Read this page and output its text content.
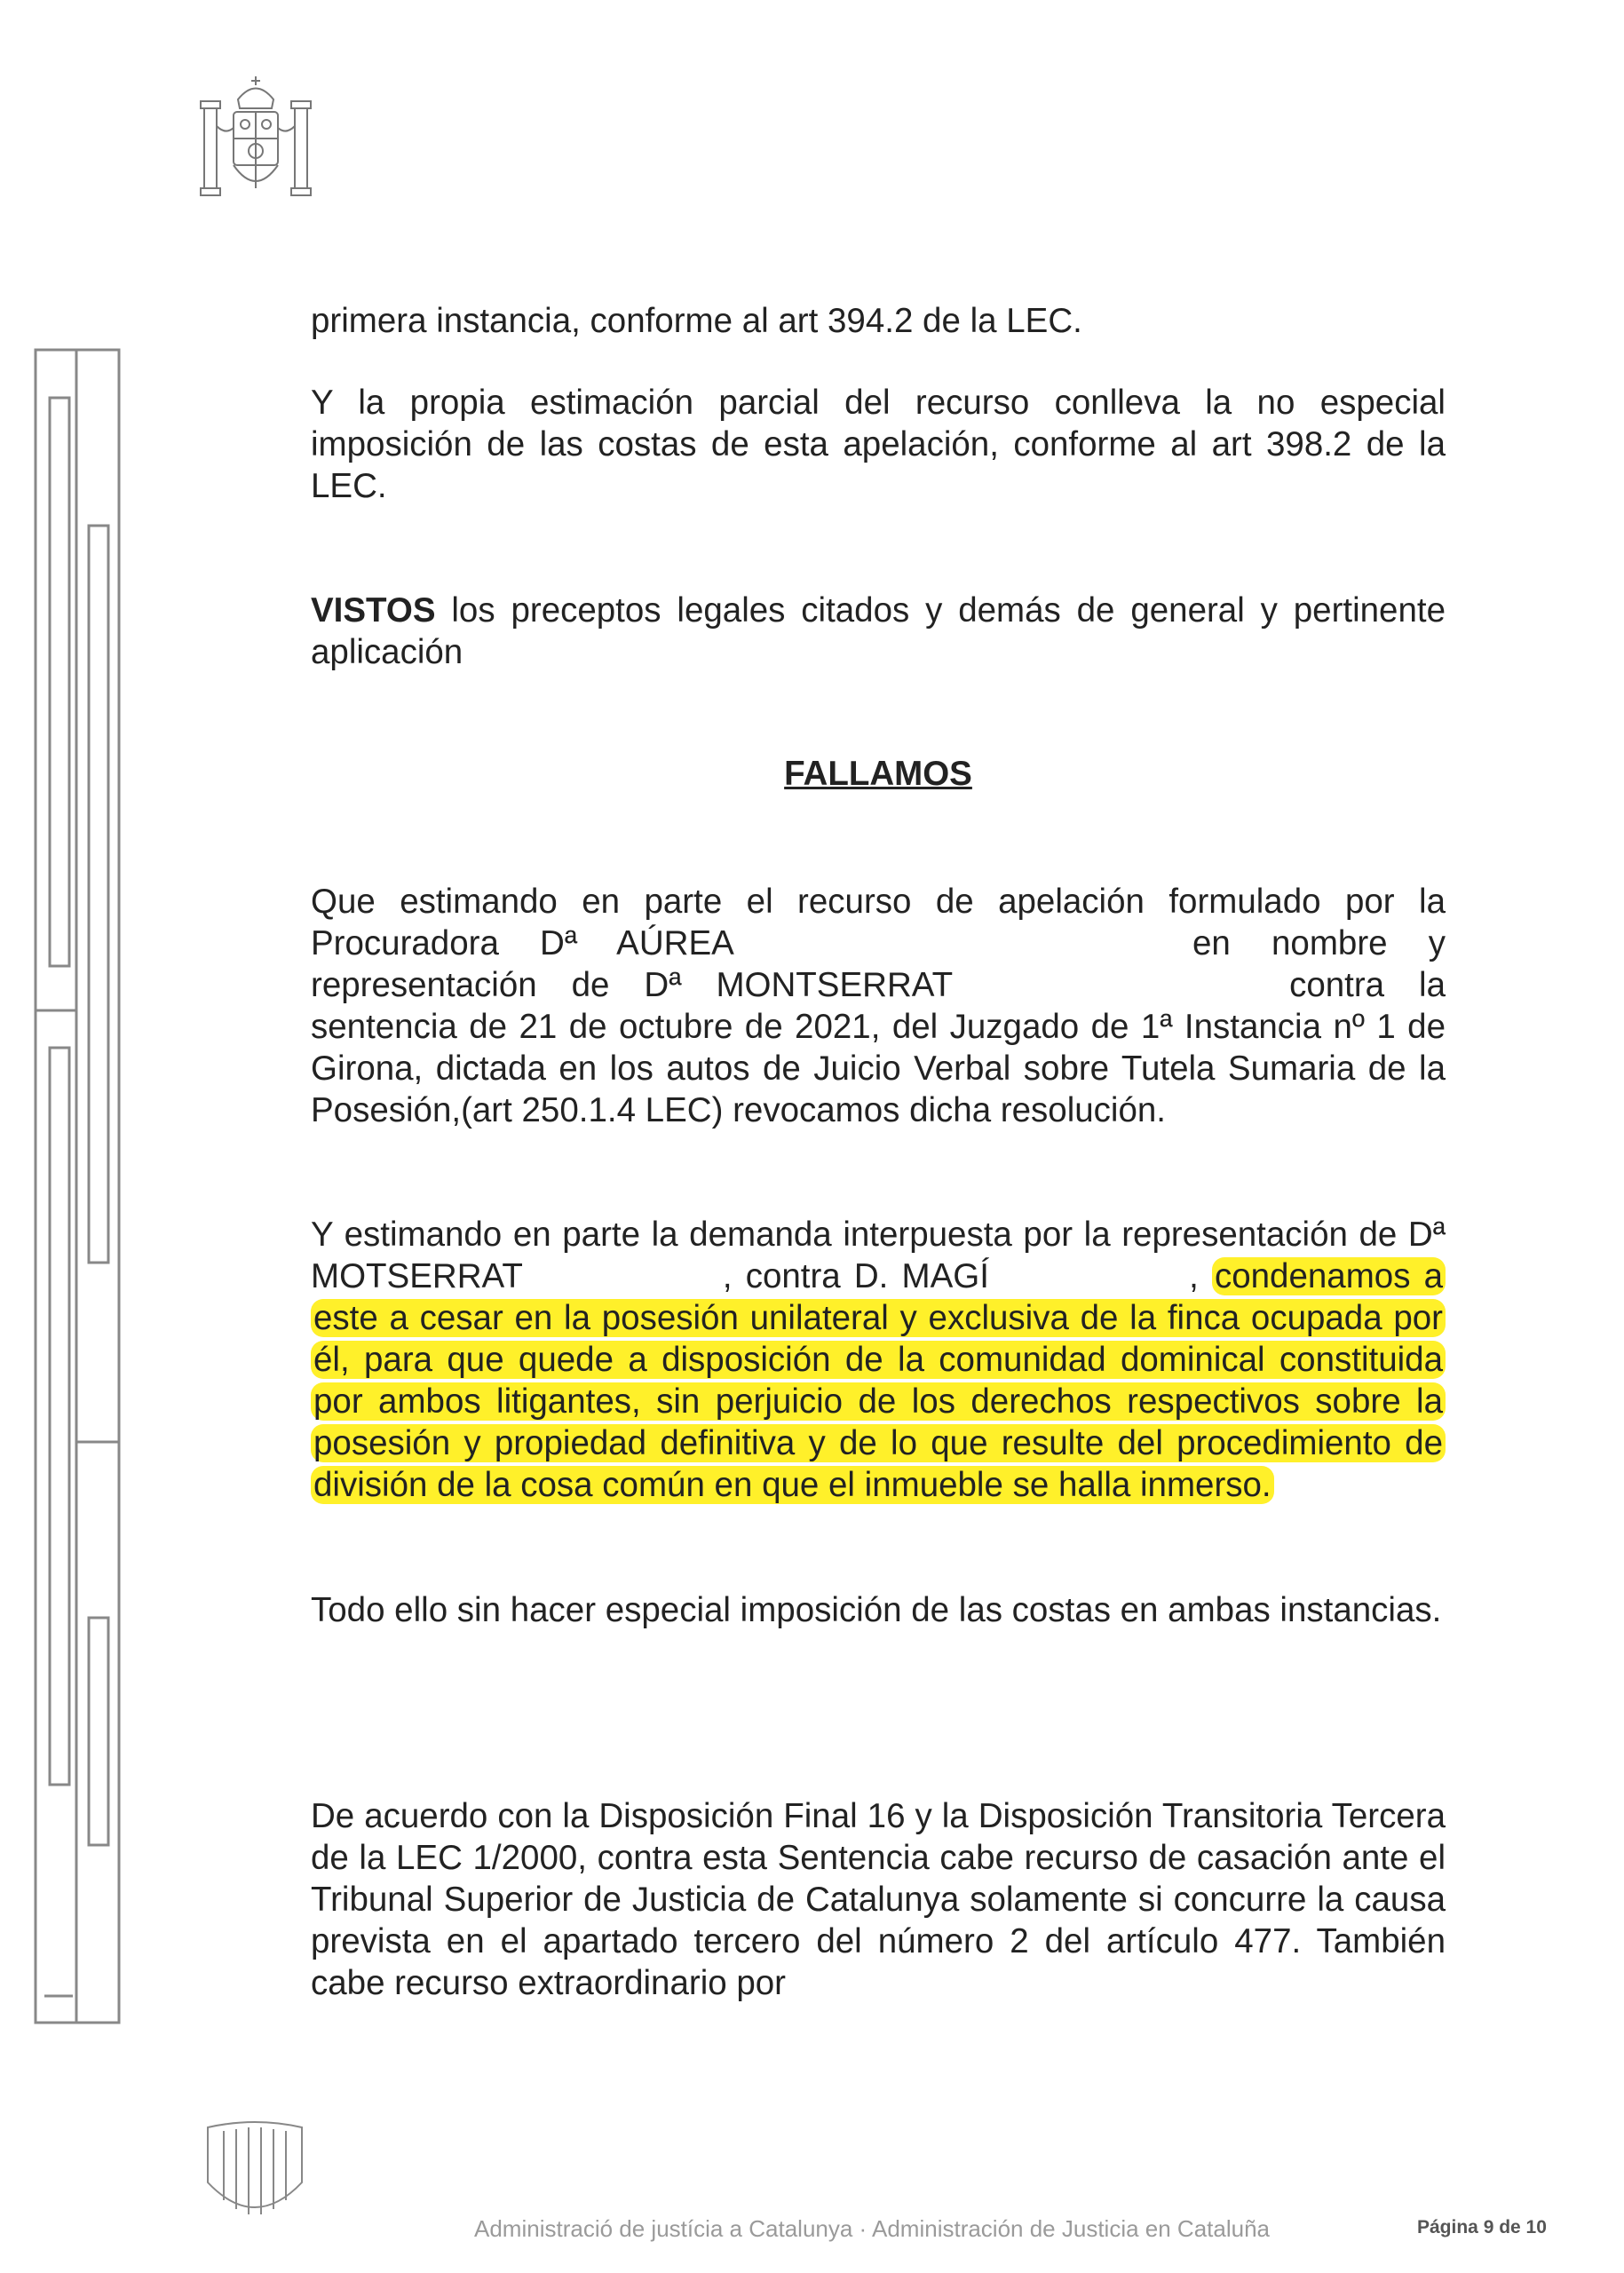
primera instancia, conforme al art 394.2 de la LEC.
Y la propia estimación parcial del recurso conlleva la no especial imposición de las costas de esta apelación, conforme al art 398.2 de la LEC.
VISTOS los preceptos legales citados y demás de general y pertinente aplicación
FALLAMOS
Que estimando en parte el recurso de apelación formulado por la Procuradora Dª AÚREA	en nombre y representación de Dª MONTSERRAT	contra la sentencia de 21 de octubre de 2021, del Juzgado de 1ª Instancia nº 1 de Girona, dictada en los autos de Juicio Verbal sobre Tutela Sumaria de la Posesión,(art 250.1.4 LEC) revocamos dicha resolución.
Y estimando en parte la demanda interpuesta por la representación de Dª MOTSERRAT	, contra D. MAGÍ	, condenamos a este a cesar en la posesión unilateral y exclusiva de la finca ocupada por él, para que quede a disposición de la comunidad dominical constituida por ambos litigantes, sin perjuicio de los derechos respectivos sobre la posesión y propiedad definitiva y de lo que resulte del procedimiento de división de la cosa común en que el inmueble se halla inmerso.
Todo ello sin hacer especial imposición de las costas en ambas instancias.
De acuerdo con la Disposición Final 16 y la Disposición Transitoria Tercera de la LEC 1/2000, contra esta Sentencia cabe recurso de casación ante el Tribunal Superior de Justicia de Catalunya solamente si concurre la causa prevista en el apartado tercero del número 2 del artículo 477. También cabe recurso extraordinario por
Administració de justícia a Catalunya · Administración de Justicia en Cataluña	Página 9 de 10
